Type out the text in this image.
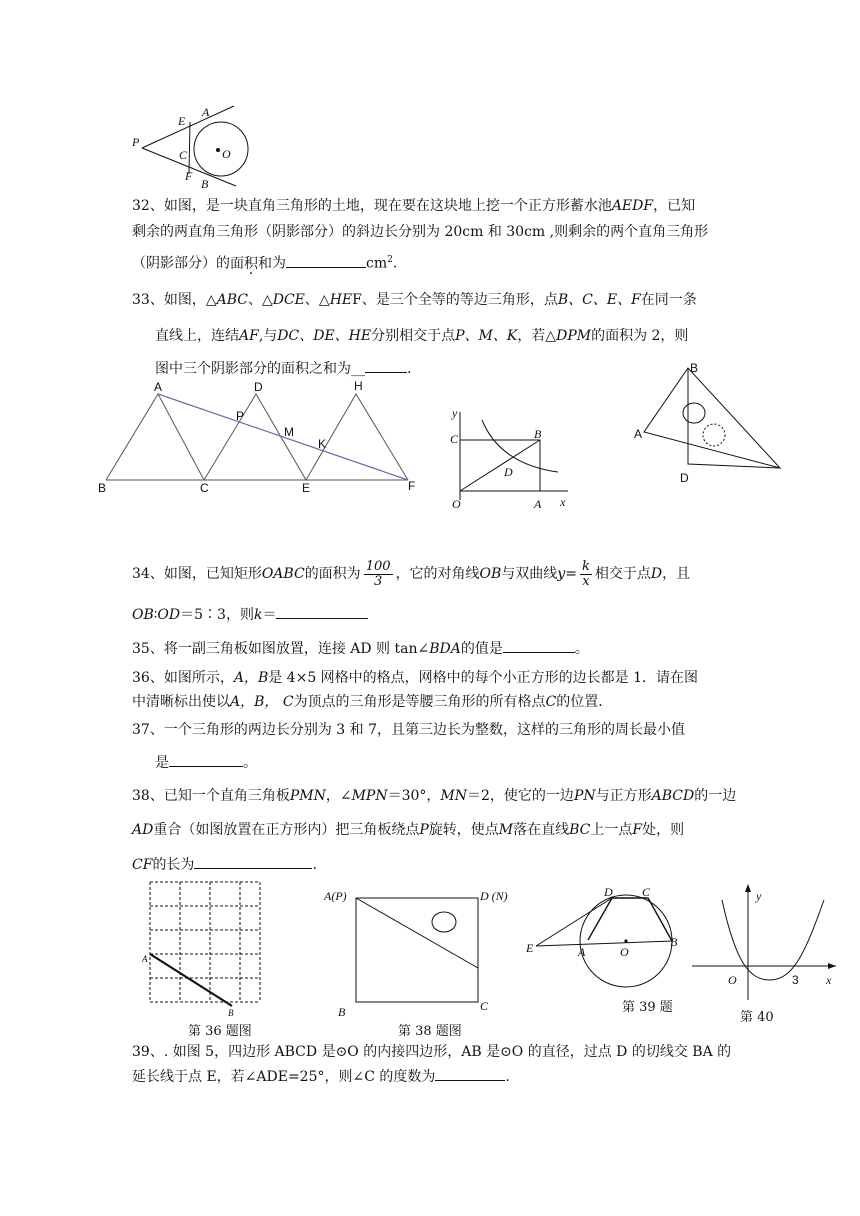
P
E
A
C	O
F
B
32、如图，是一块直角三角形的土地，现在要在这块地上挖一个正方形蓄水池AEDF，已知
剩余的两直角三角形（阴影部分）的斜边长分别为 20cm 和 30cm ,则剩余的两个直角三角形
（阴影部分）的面积和为	$cm^2$.
33、如图，△ABC、△DCE、△HEF、是三个全等的等边三角形，点B、C、E、F在同一条
直线上，连结AF,与DC、DE、HE分别相交于点P、M、K，若△DPM的面积为 2，则
图中三个阴影部分的面积之和为__	.
A	D	H
P
M
K
B	C	E	F
y
C	B
D
O	A x
B
A
D
34、如图，已知矩形OABC的面积为 $\frac{100}{3}$ ，它的对角线OB与双曲线$y= \frac{k}{x}$ 相交于点D，且
OB∶OD＝5∶3，则k＝
35、将一副三角板如图放置，连接 AD 则 tan∠BDA的值是	。
36、如图所示，A，B是 4×5 网格中的格点，网格中的每个小正方形的边长都是 1．请在图
中清晰标出使以A，B， C为顶点的三角形是等腰三角形的所有格点C的位置．
37、一个三角形的两边长分别为 3 和 7，且第三边长为整数，这样的三角形的周长最小值
是	。
38、已知一个直角三角板PMN，∠MPN＝30°，MN＝2，使它的一边PN与正方形ABCD的一边
AD重合（如图放置在正方形内）把三角板绕点P旋转，使点M落在直线BC上一点F处，则
CF的长为	.
A
B
第 36 题图
A(P)	D (N)
B	C
第 38 题图
D C
E	A	O
B
第 39 题
y
O	3 x
第 40
39、. 如图 5，四边形 ABCD 是⊙O 的内接四边形，AB 是⊙O 的直径，过点 D 的切线交 BA 的
延长线于点 E，若∠ADE=25°，则∠C 的度数为	.
